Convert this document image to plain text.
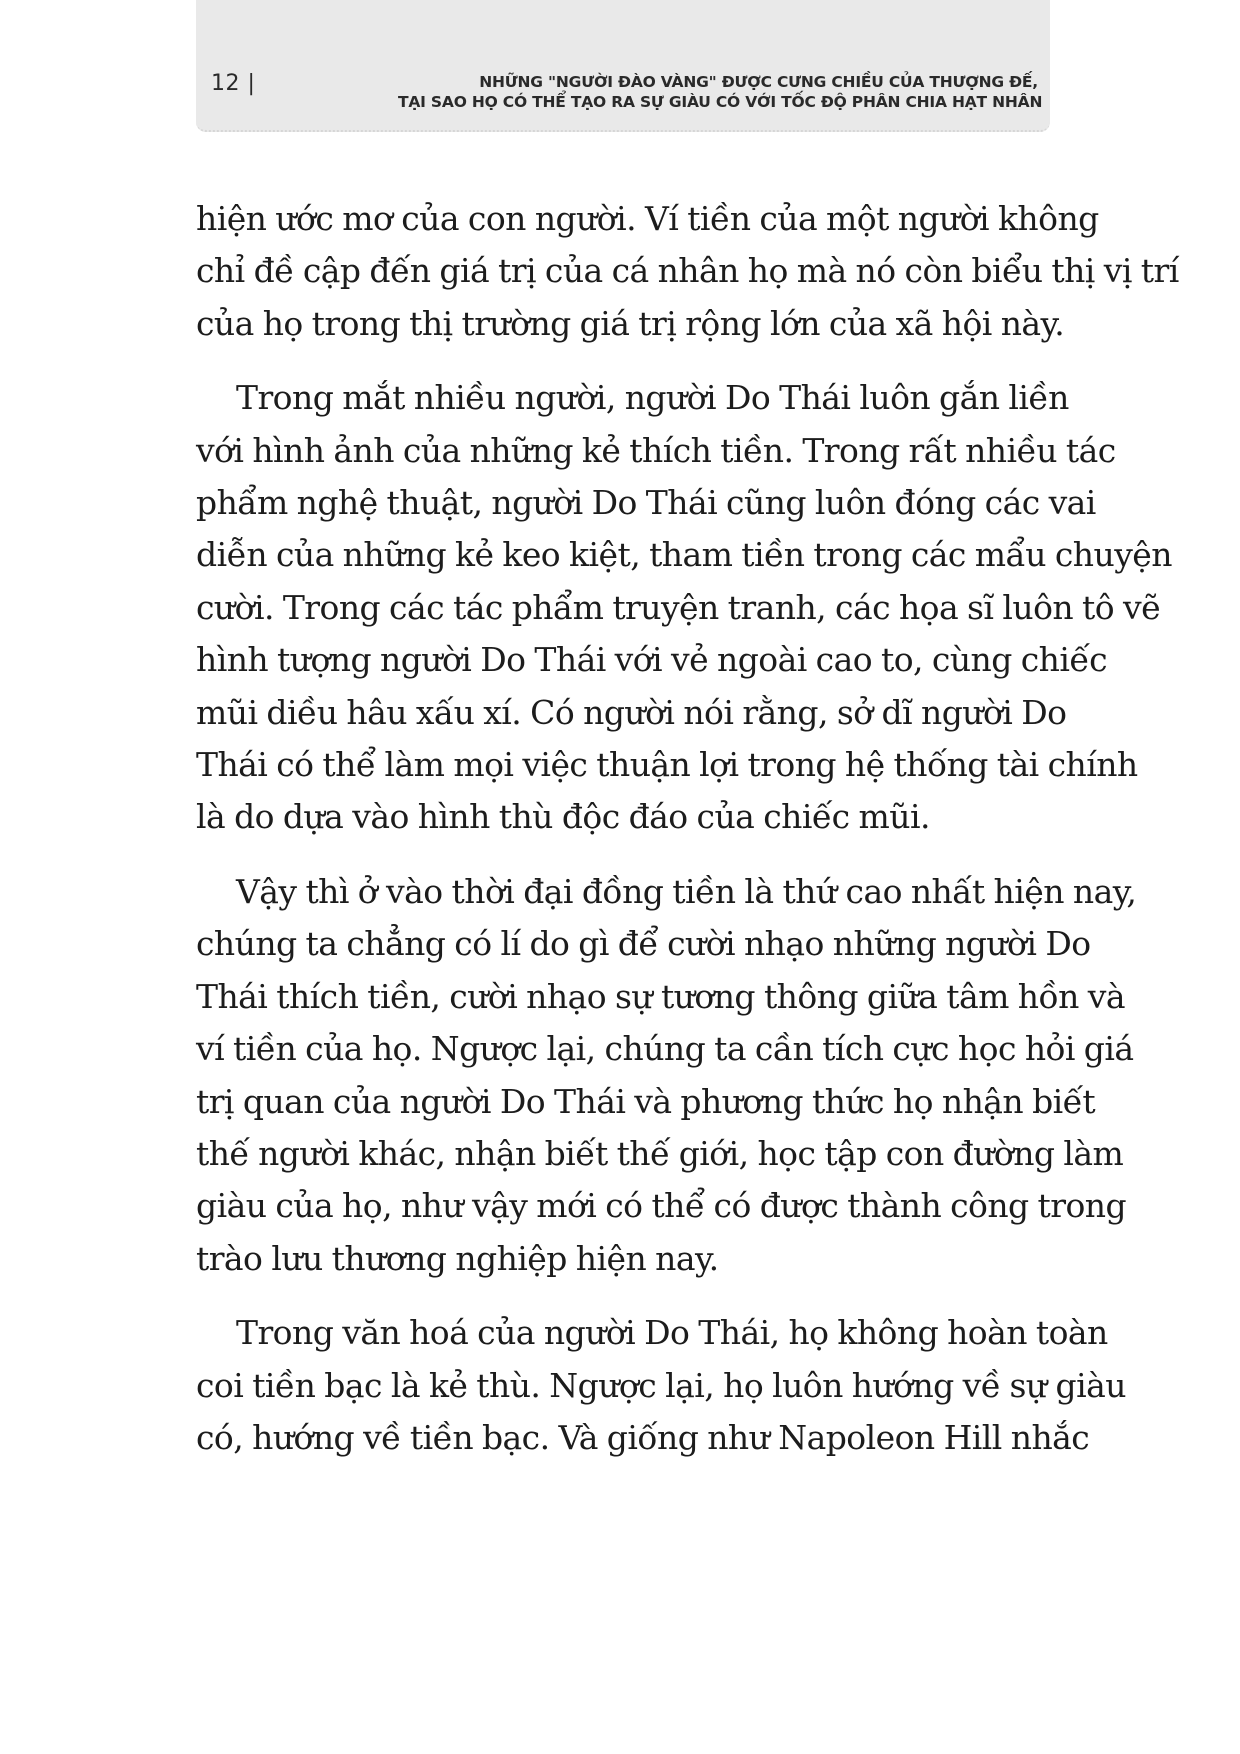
12 |	NHỮNG "NGƯỜI ĐÀO VÀNG" ĐƯỢC CƯNG CHIỀU CỦA THƯỢNG ĐẾ,
TẠI SAO HỌ CÓ THỂ TẠO RA SỰ GIÀU CÓ VỚI TỐC ĐỘ PHÂN CHIA HẠT NHÂN

hiện ước mơ của con người. Ví tiền của một người không
chỉ đề cập đến giá trị của cá nhân họ mà nó còn biểu thị vị trí
của họ trong thị trường giá trị rộng lớn của xã hội này.

Trong mắt nhiều người, người Do Thái luôn gắn liền
với hình ảnh của những kẻ thích tiền. Trong rất nhiều tác
phẩm nghệ thuật, người Do Thái cũng luôn đóng các vai
diễn của những kẻ keo kiệt, tham tiền trong các mẩu chuyện
cười. Trong các tác phẩm truyện tranh, các họa sĩ luôn tô vẽ
hình tượng người Do Thái với vẻ ngoài cao to, cùng chiếc
mũi diều hâu xấu xí. Có người nói rằng, sở dĩ người Do
Thái có thể làm mọi việc thuận lợi trong hệ thống tài chính
là do dựa vào hình thù độc đáo của chiếc mũi.

Vậy thì ở vào thời đại đồng tiền là thứ cao nhất hiện nay,
chúng ta chẳng có lí do gì để cười nhạo những người Do
Thái thích tiền, cười nhạo sự tương thông giữa tâm hồn và
ví tiền của họ. Ngược lại, chúng ta cần tích cực học hỏi giá
trị quan của người Do Thái và phương thức họ nhận biết
thế người khác, nhận biết thế giới, học tập con đường làm
giàu của họ, như vậy mới có thể có được thành công trong
trào lưu thương nghiệp hiện nay.

Trong văn hoá của người Do Thái, họ không hoàn toàn
coi tiền bạc là kẻ thù. Ngược lại, họ luôn hướng về sự giàu
có, hướng về tiền bạc. Và giống như Napoleon Hill nhắc
